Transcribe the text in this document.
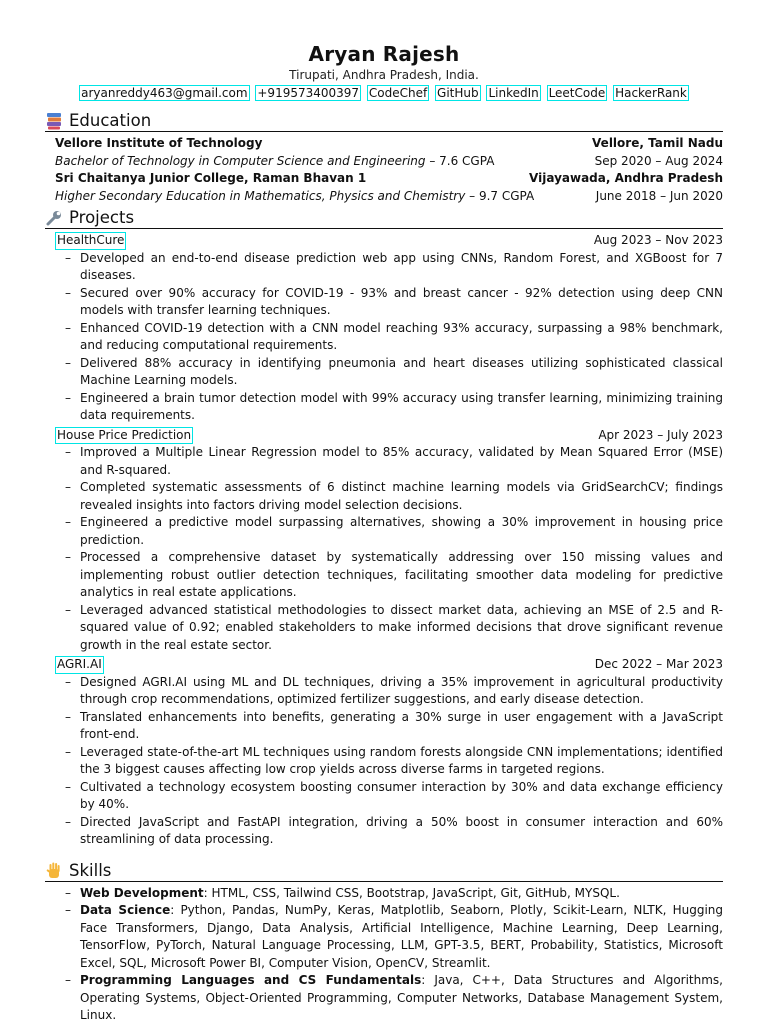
Aryan Rajesh
Tirupati, Andhra Pradesh, India.
aryanreddy463@gmail.com +919573400397 CodeChef GitHub LinkedIn LeetCode HackerRank
Education
Vellore Institute of Technology	Vellore, Tamil Nadu
Bachelor of Technology in Computer Science and Engineering – 7.6 CGPA	Sep 2020 – Aug 2024
Sri Chaitanya Junior College, Raman Bhavan 1	Vijayawada, Andhra Pradesh
Higher Secondary Education in Mathematics, Physics and Chemistry – 9.7 CGPA	June 2018 – Jun 2020
Projects
HealthCure	Aug 2023 – Nov 2023
– Developed an end-to-end disease prediction web app using CNNs, Random Forest, and XGBoost for 7 diseases.
– Secured over 90% accuracy for COVID-19 - 93% and breast cancer - 92% detection using deep CNN models with transfer learning techniques.
– Enhanced COVID-19 detection with a CNN model reaching 93% accuracy, surpassing a 98% benchmark, and reducing computational requirements.
– Delivered 88% accuracy in identifying pneumonia and heart diseases utilizing sophisticated classical Machine Learning models.
– Engineered a brain tumor detection model with 99% accuracy using transfer learning, minimizing training data requirements.
House Price Prediction	Apr 2023 – July 2023
– Improved a Multiple Linear Regression model to 85% accuracy, validated by Mean Squared Error (MSE) and R-squared.
– Completed systematic assessments of 6 distinct machine learning models via GridSearchCV; findings revealed insights into factors driving model selection decisions.
– Engineered a predictive model surpassing alternatives, showing a 30% improvement in housing price prediction.
– Processed a comprehensive dataset by systematically addressing over 150 missing values and implementing robust outlier detection techniques, facilitating smoother data modeling for predictive analytics in real estate applications.
– Leveraged advanced statistical methodologies to dissect market data, achieving an MSE of 2.5 and R-squared value of 0.92; enabled stakeholders to make informed decisions that drove significant revenue growth in the real estate sector.
AGRI.AI	Dec 2022 – Mar 2023
– Designed AGRI.AI using ML and DL techniques, driving a 35% improvement in agricultural productivity through crop recommendations, optimized fertilizer suggestions, and early disease detection.
– Translated enhancements into benefits, generating a 30% surge in user engagement with a JavaScript front-end.
– Leveraged state-of-the-art ML techniques using random forests alongside CNN implementations; identified the 3 biggest causes affecting low crop yields across diverse farms in targeted regions.
– Cultivated a technology ecosystem boosting consumer interaction by 30% and data exchange efficiency by 40%.
– Directed JavaScript and FastAPI integration, driving a 50% boost in consumer interaction and 60% streamlining of data processing.
Skills
– Web Development: HTML, CSS, Tailwind CSS, Bootstrap, JavaScript, Git, GitHub, MYSQL.
– Data Science: Python, Pandas, NumPy, Keras, Matplotlib, Seaborn, Plotly, Scikit-Learn, NLTK, Hugging Face Transformers, Django, Data Analysis, Artificial Intelligence, Machine Learning, Deep Learning, TensorFlow, PyTorch, Natural Language Processing, LLM, GPT-3.5, BERT, Probability, Statistics, Microsoft Excel, SQL, Microsoft Power BI, Computer Vision, OpenCV, Streamlit.
– Programming Languages and CS Fundamentals: Java, C++, Data Structures and Algorithms, Operating Systems, Object-Oriented Programming, Computer Networks, Database Management System, Linux.
